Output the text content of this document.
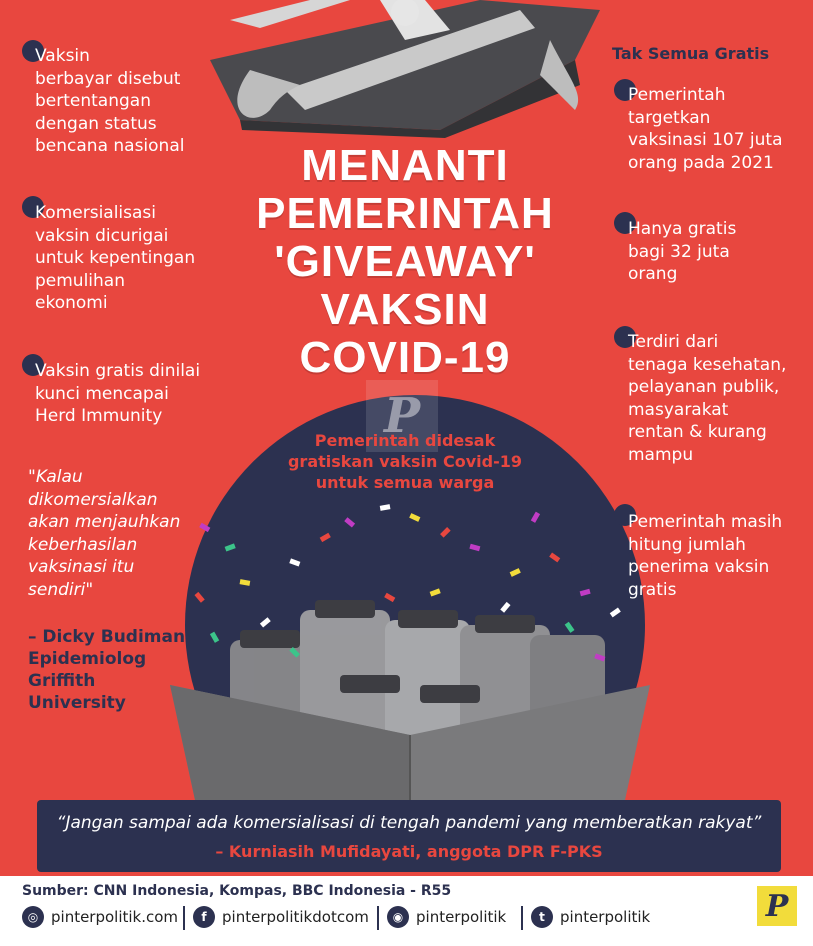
P
MENANTI
PEMERINTAH
'GIVEAWAY'
VAKSIN
COVID-19
Pemerintah didesak
gratiskan vaksin Covid-19
untuk semua warga
Vaksin
berbayar disebut
bertentangan
dengan status
bencana nasional
Komersialisasi
vaksin dicurigai
untuk kepentingan
pemulihan
ekonomi
Vaksin gratis dinilai
kunci mencapai
Herd Immunity
"Kalau
dikomersialkan
akan menjauhkan
keberhasilan
vaksinasi itu
sendiri"
– Dicky Budiman,
Epidemiolog
Griffith
University
Tak Semua Gratis
Pemerintah
targetkan
vaksinasi 107 juta
orang pada 2021
Hanya gratis
bagi 32 juta
orang
Terdiri dari
tenaga kesehatan,
pelayanan publik,
masyarakat
rentan & kurang
mampu
Pemerintah masih
hitung jumlah
penerima vaksin
gratis
“Jangan sampai ada komersialisasi di tengah pandemi yang memberatkan rakyat”
– Kurniasih Mufidayati, anggota DPR F-PKS
Sumber: CNN Indonesia, Kompas, BBC Indonesia - R55
◎ pinterpolitik.com	f	pinterpolitikdotcom	◉ pinterpolitik	t	pinterpolitik	P
